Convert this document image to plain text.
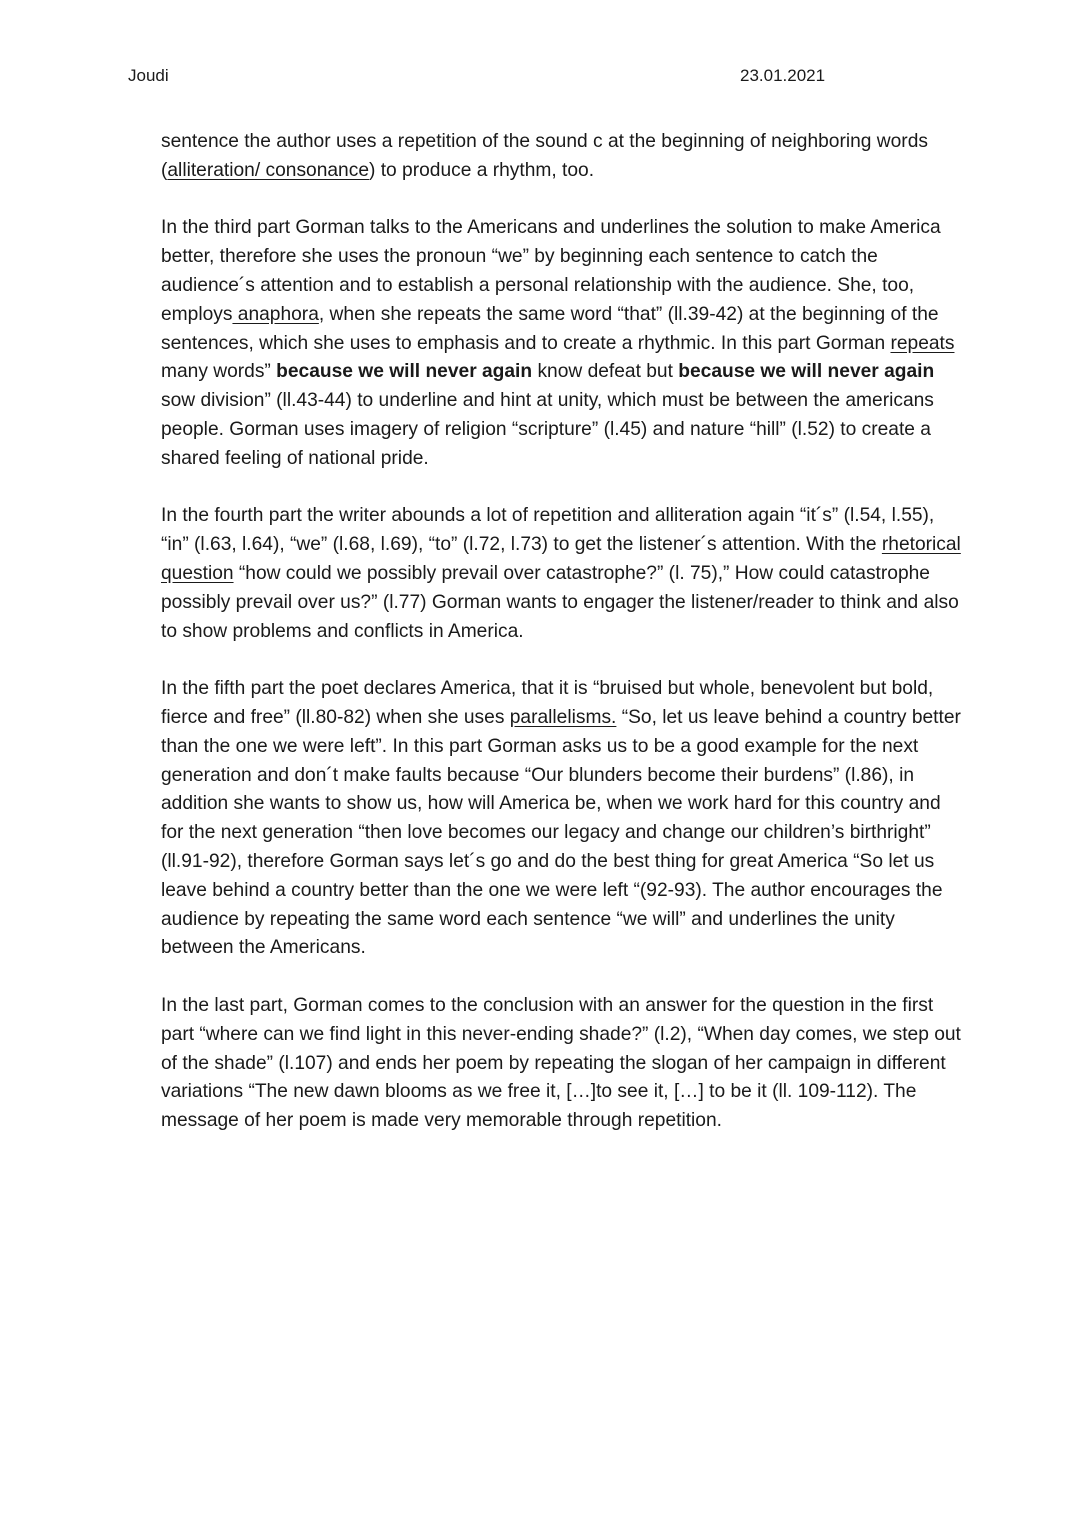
Joudi	23.01.2021

sentence the author uses a repetition of the sound c at the beginning of neighboring words (alliteration/ consonance) to produce a rhythm, too.

In the third part Gorman talks to the Americans and underlines the solution to make America better, therefore she uses the pronoun “we” by beginning each sentence to catch the audience´s attention and to establish a personal relationship with the audience. She, too, employs anaphora, when she repeats the same word “that” (ll.39-42) at the beginning of the sentences, which she uses to emphasis and to create a rhythmic. In this part Gorman repeats many words” because we will never again know defeat but because we will never again sow division” (ll.43-44) to underline and hint at unity, which must be between the americans people. Gorman uses imagery of religion “scripture” (l.45) and nature “hill” (l.52) to create a shared feeling of national pride.

In the fourth part the writer abounds a lot of repetition and alliteration again “it´s” (l.54, l.55), “in” (l.63, l.64), “we” (l.68, l.69), “to” (l.72, l.73) to get the listener´s attention. With the rhetorical question “how could we possibly prevail over catastrophe?” (l. 75),” How could catastrophe possibly prevail over us?” (l.77) Gorman wants to engager the listener/reader to think and also to show problems and conflicts in America.

In the fifth part the poet declares America, that it is “bruised but whole, benevolent but bold, fierce and free” (ll.80-82) when she uses parallelisms. “So, let us leave behind a country better than the one we were left”. In this part Gorman asks us to be a good example for the next generation and don´t make faults because “Our blunders become their burdens” (l.86), in addition she wants to show us, how will America be, when we work hard for this country and for the next generation “then love becomes our legacy and change our children’s birthright” (ll.91-92), therefore Gorman says let´s go and do the best thing for great America “So let us leave behind a country better than the one we were left “(92-93). The author encourages the audience by repeating the same word each sentence “we will” and underlines the unity between the Americans.

In the last part, Gorman comes to the conclusion with an answer for the question in the first part “where can we find light in this never-ending shade?” (l.2), “When day comes, we step out of the shade” (l.107) and ends her poem by repeating the slogan of her campaign in different variations “The new dawn blooms as we free it, […]to see it, […] to be it (ll. 109-112). The message of her poem is made very memorable through repetition.
